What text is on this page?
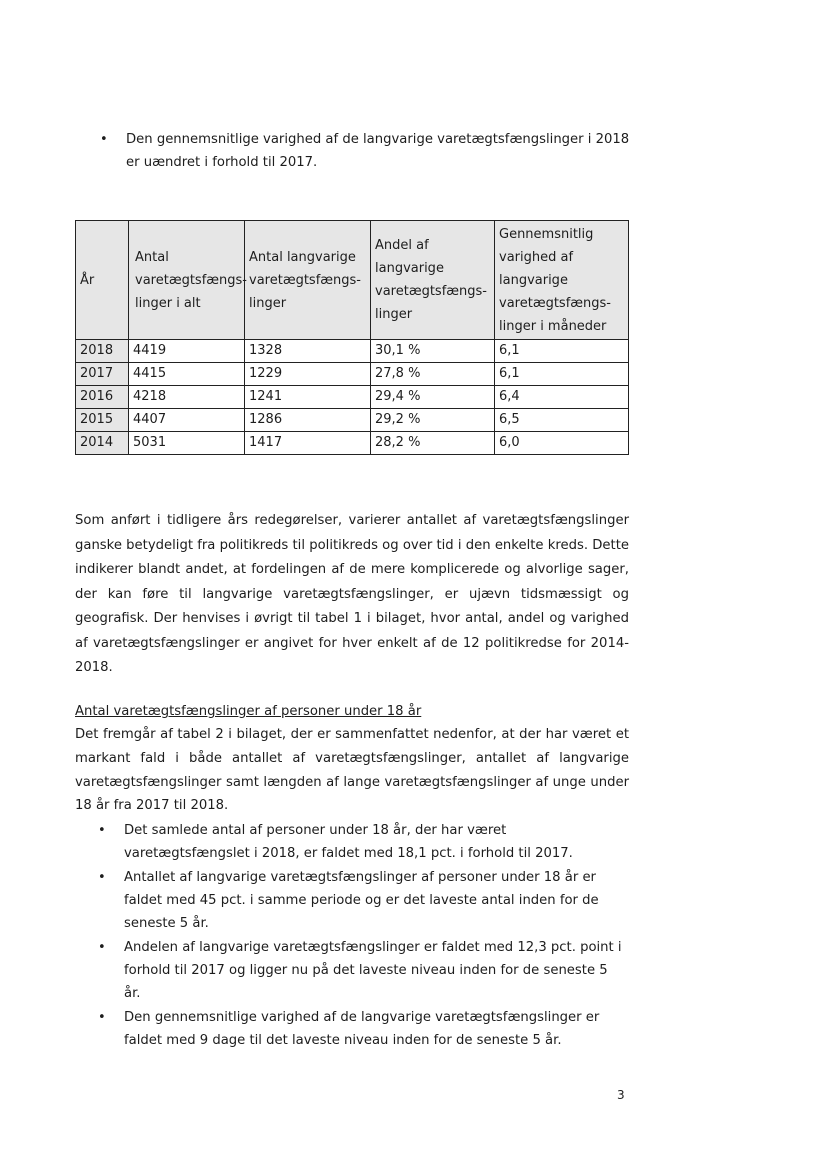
• Den gennemsnitlige varighed af de langvarige varetægtsfængslinger i 2018 er uændret i forhold til 2017.
År	Antal varetægtsfængs-linger i alt	Antal langvarige varetægtsfængs-linger	Andel af langvarige varetægtsfængs-linger	Gennemsnitlig varighed af langvarige varetægtsfængs-linger i måneder
2018	4419	1328	30,1 %	6,1
2017	4415	1229	27,8 %	6,1
2016	4218	1241	29,4 %	6,4
2015	4407	1286	29,2 %	6,5
2014	5031	1417	28,2 %	6,0

Som anført i tidligere års redegørelser, varierer antallet af varetægtsfængslinger ganske betydeligt fra politikreds til politikreds og over tid i den enkelte kreds. Dette indikerer blandt andet, at fordelingen af de mere komplicerede og alvorlige sager, der kan føre til langvarige varetægtsfængslinger, er ujævn tidsmæssigt og geografisk. Der henvises i øvrigt til tabel 1 i bilaget, hvor antal, andel og varighed af varetægtsfængslinger er angivet for hver enkelt af de 12 politikredse for 2014-2018.

Antal varetægtsfængslinger af personer under 18 år

Det fremgår af tabel 2 i bilaget, der er sammenfattet nedenfor, at der har været et markant fald i både antallet af varetægtsfængslinger, antallet af langvarige varetægtsfængslinger samt længden af lange varetægtsfængslinger af unge under 18 år fra 2017 til 2018.

• Det samlede antal af personer under 18 år, der har været varetægtsfængslet i 2018, er faldet med 18,1 pct. i forhold til 2017.
• Antallet af langvarige varetægtsfængslinger af personer under 18 år er faldet med 45 pct. i samme periode og er det laveste antal inden for de seneste 5 år.
• Andelen af langvarige varetægtsfængslinger er faldet med 12,3 pct. point i forhold til 2017 og ligger nu på det laveste niveau inden for de seneste 5 år.
• Den gennemsnitlige varighed af de langvarige varetægtsfængslinger er faldet med 9 dage til det laveste niveau inden for de seneste 5 år.
3
